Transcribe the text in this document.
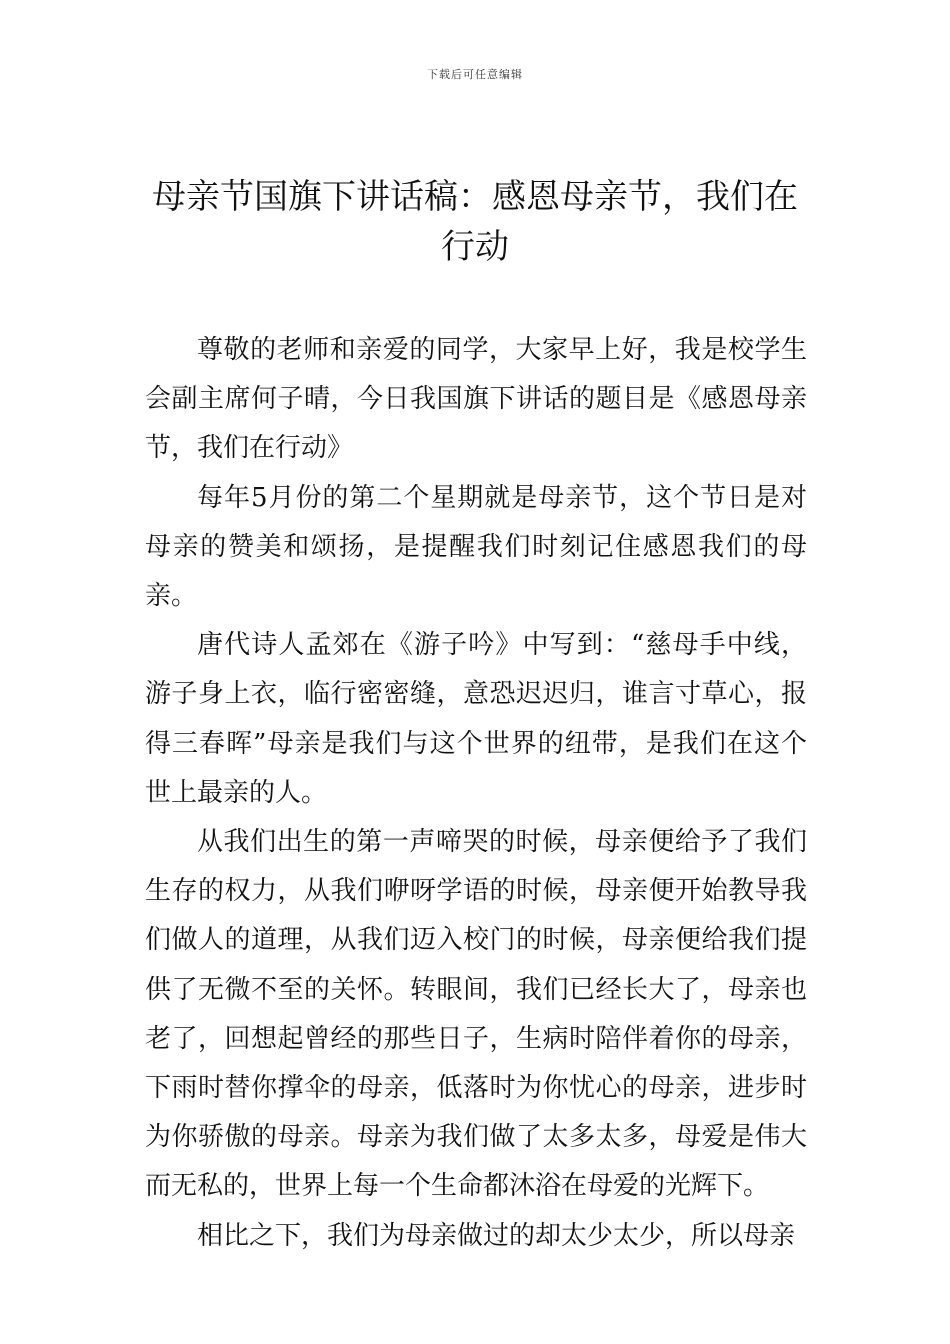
下载后可任意编辑
母亲节国旗下讲话稿：感恩母亲节，我们在行动

尊敬的老师和亲爱的同学，大家早上好，我是校学生会副主席何子晴，今日我国旗下讲话的题目是《感恩母亲节，我们在行动》

每年5月份的第二个星期就是母亲节，这个节日是对母亲的赞美和颂扬，是提醒我们时刻记住感恩我们的母亲。

唐代诗人孟郊在《游子吟》中写到：“慈母手中线，游子身上衣，临行密密缝，意恐迟迟归，谁言寸草心，报得三春晖”母亲是我们与这个世界的纽带，是我们在这个世上最亲的人。

从我们出生的第一声啼哭的时候，母亲便给予了我们生存的权力，从我们咿呀学语的时候，母亲便开始教导我们做人的道理，从我们迈入校门的时候，母亲便给我们提供了无微不至的关怀。转眼间，我们已经长大了，母亲也老了，回想起曾经的那些日子，生病时陪伴着你的母亲，下雨时替你撑伞的母亲，低落时为你忧心的母亲，进步时为你骄傲的母亲。母亲为我们做了太多太多，母爱是伟大而无私的，世界上每一个生命都沐浴在母爱的光辉下。

相比之下，我们为母亲做过的却太少太少，所以母亲
